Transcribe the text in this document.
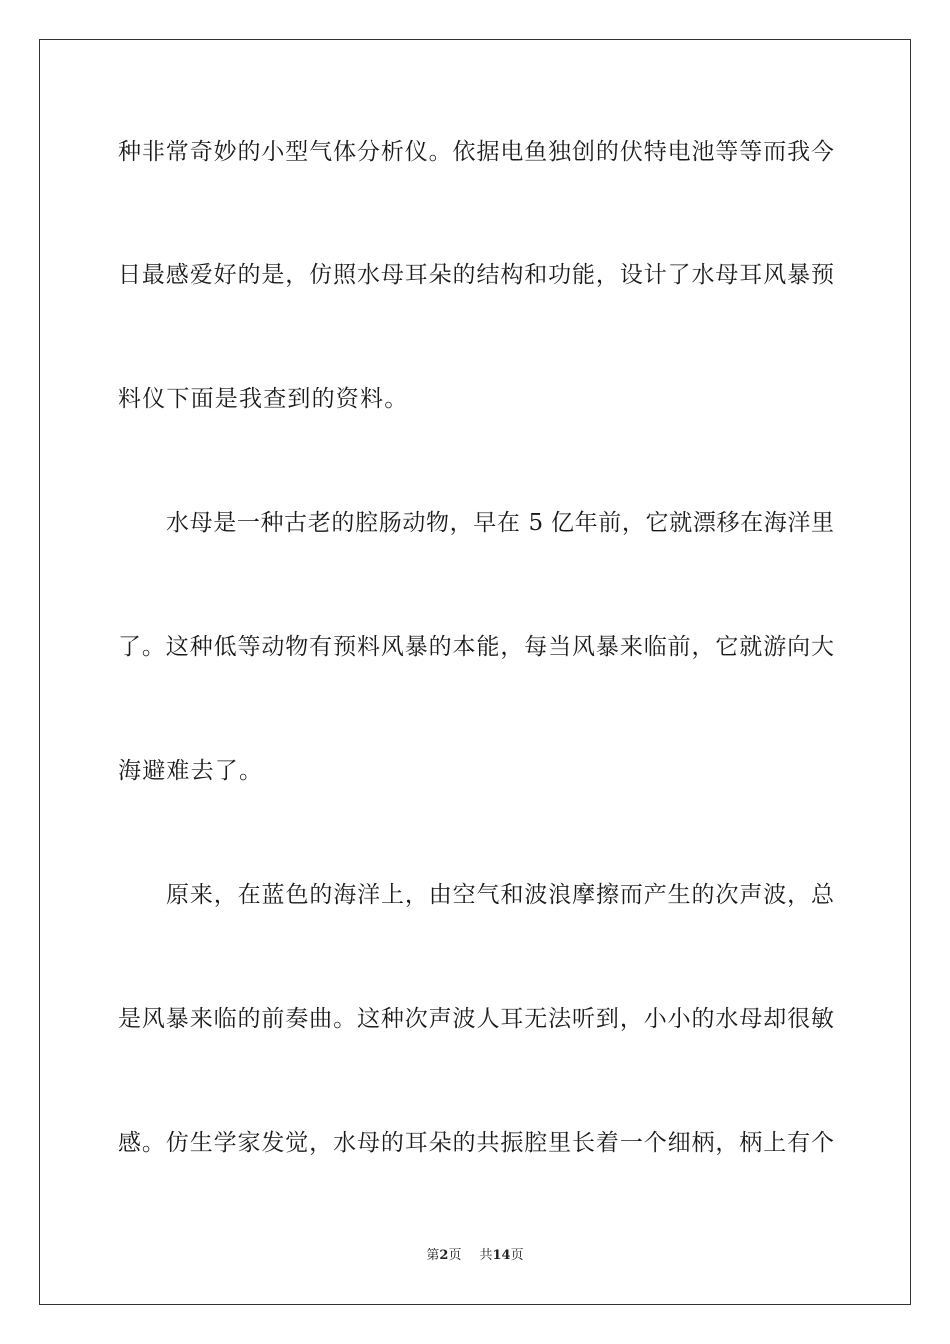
种非常奇妙的小型气体分析仪。依据电鱼独创的伏特电池等等而我今
日最感爱好的是，仿照水母耳朵的结构和功能，设计了水母耳风暴预
料仪下面是我查到的资料。
水母是一种古老的腔肠动物，早在 5 亿年前，它就漂移在海洋里
了。这种低等动物有预料风暴的本能，每当风暴来临前，它就游向大
海避难去了。
原来，在蓝色的海洋上，由空气和波浪摩擦而产生的次声波，总
是风暴来临的前奏曲。这种次声波人耳无法听到，小小的水母却很敏
感。仿生学家发觉，水母的耳朵的共振腔里长着一个细柄，柄上有个
第2页 共14页
